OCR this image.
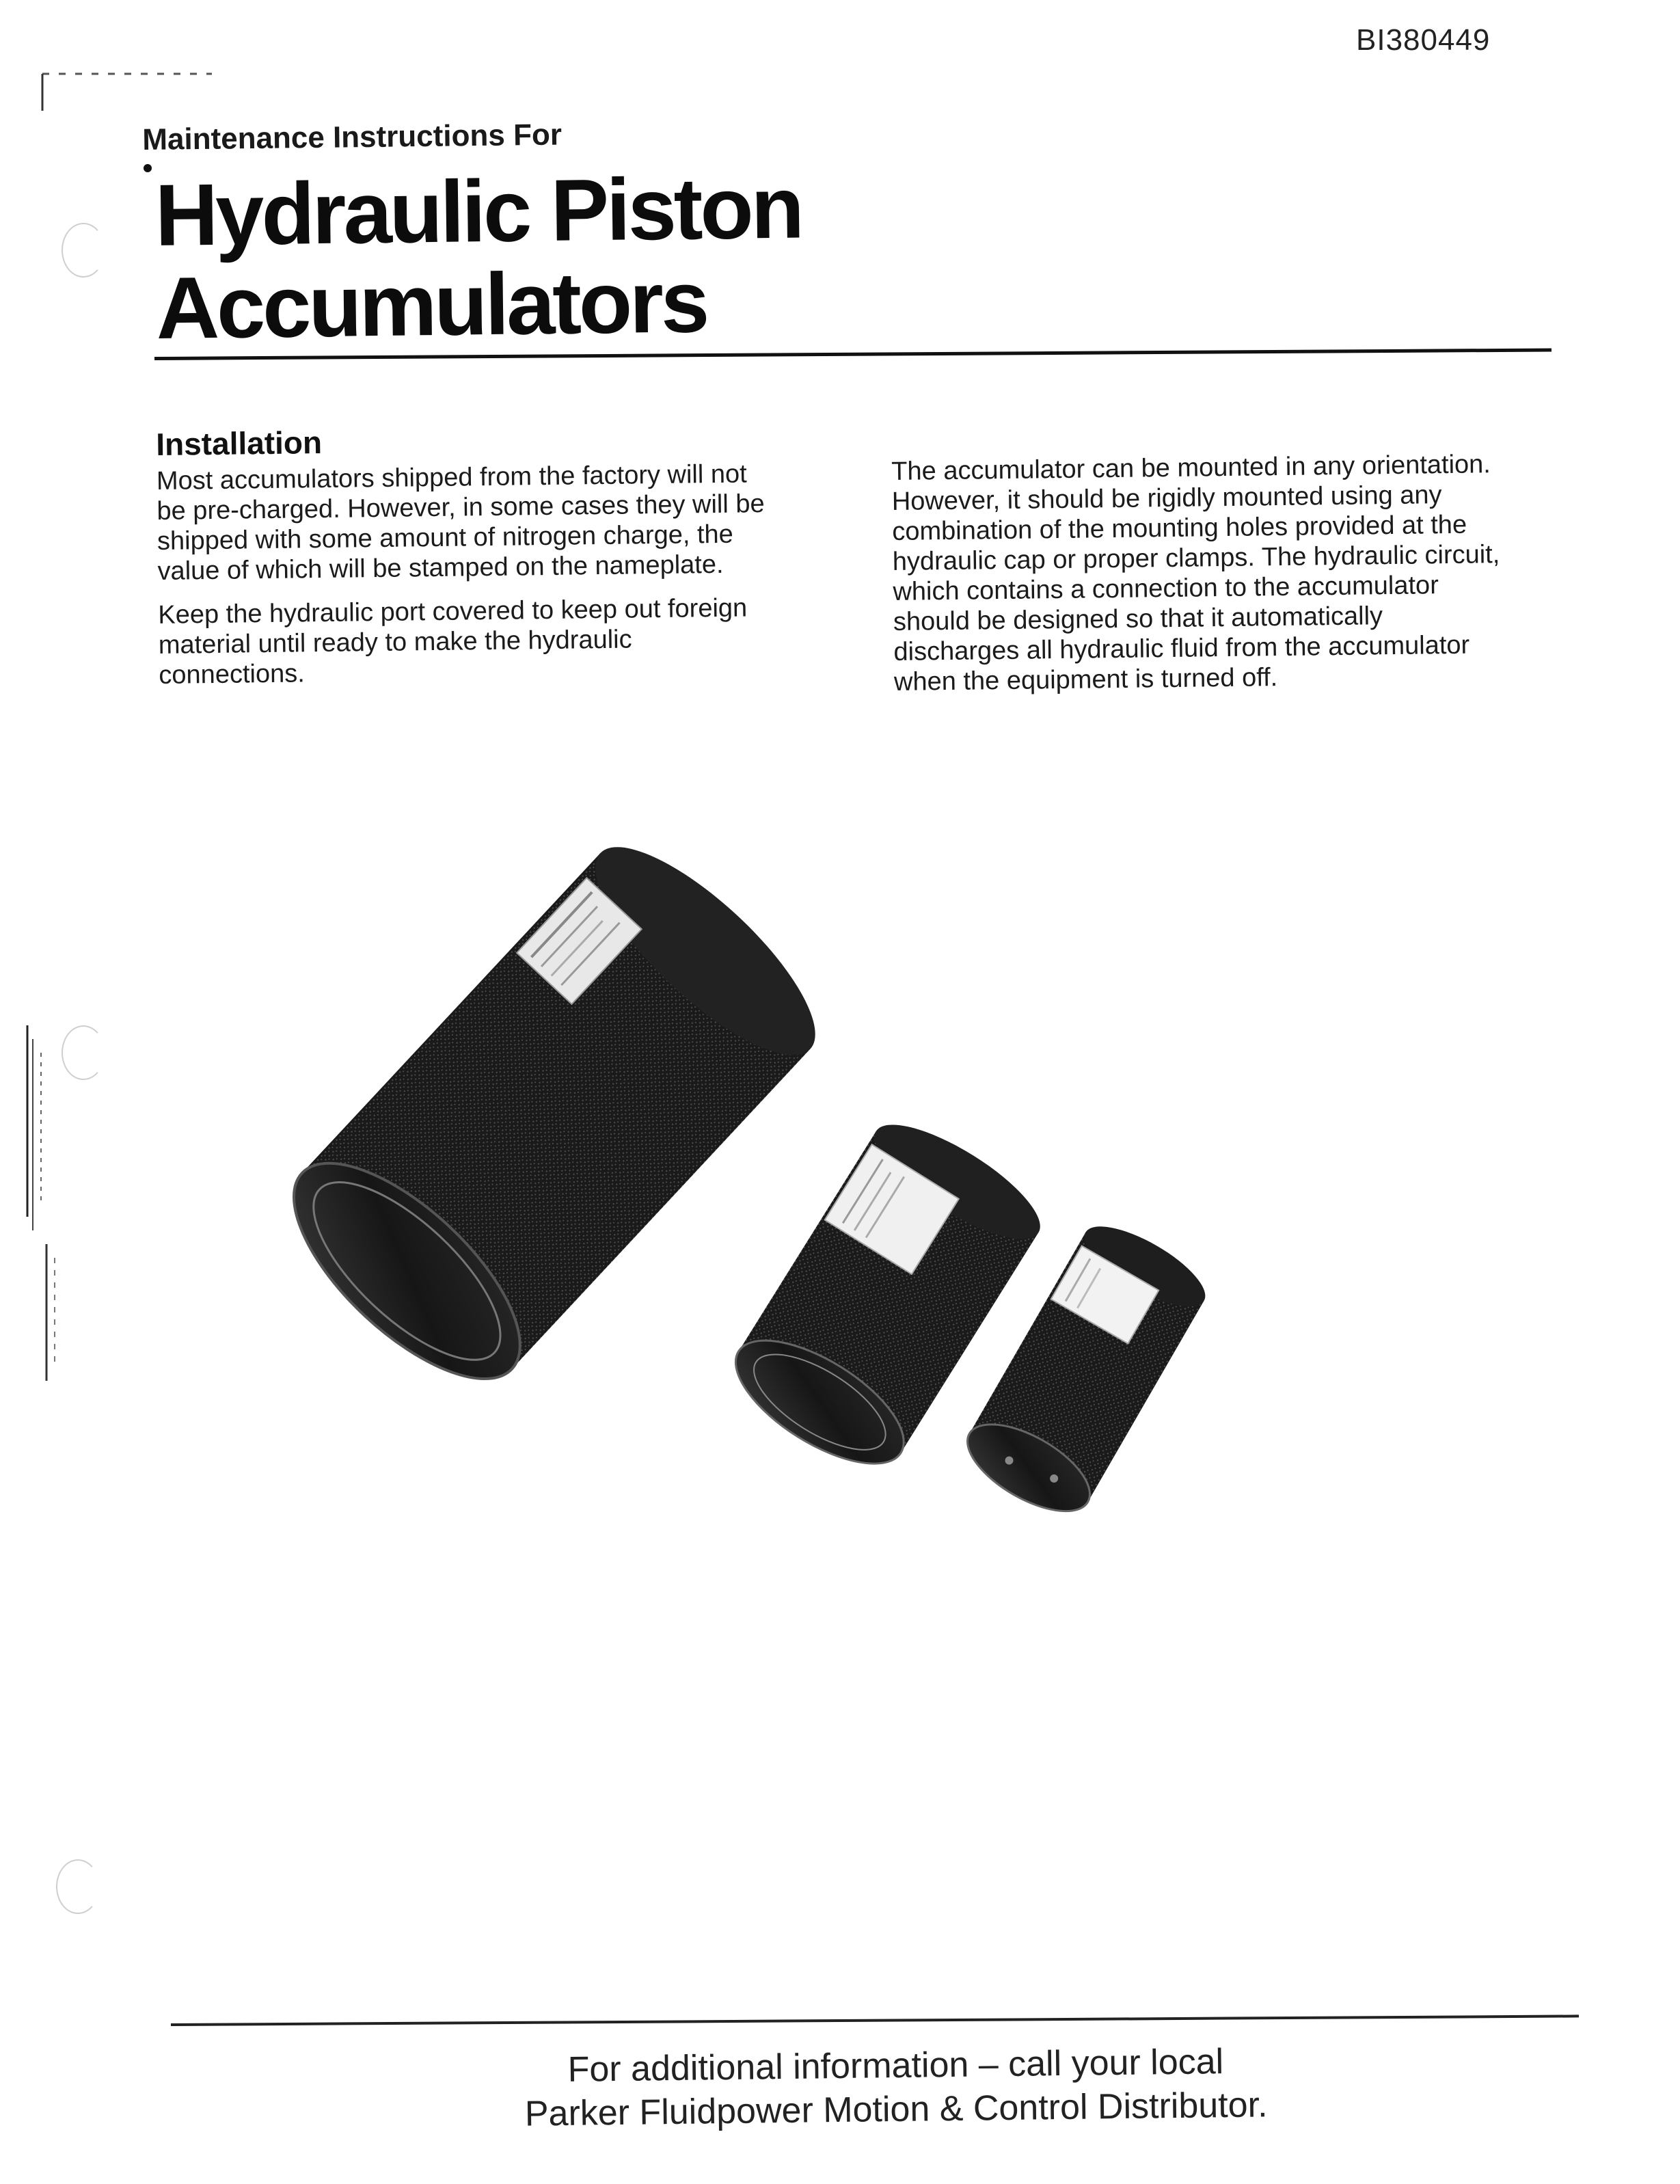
BI380449
Maintenance Instructions For
Hydraulic Piston
Accumulators
Installation

Most accumulators shipped from the factory will not be pre-charged. However, in some cases they will be shipped with some amount of nitrogen charge, the value of which will be stamped on the nameplate.

Keep the hydraulic port covered to keep out foreign material until ready to make the hydraulic connections.

The accumulator can be mounted in any orientation. However, it should be rigidly mounted using any combination of the mounting holes provided at the hydraulic cap or proper clamps. The hydraulic circuit, which contains a connection to the accumulator should be designed so that it automatically discharges all hydraulic fluid from the accumulator when the equipment is turned off.

For additional information – call your local
Parker Fluidpower Motion & Control Distributor.
